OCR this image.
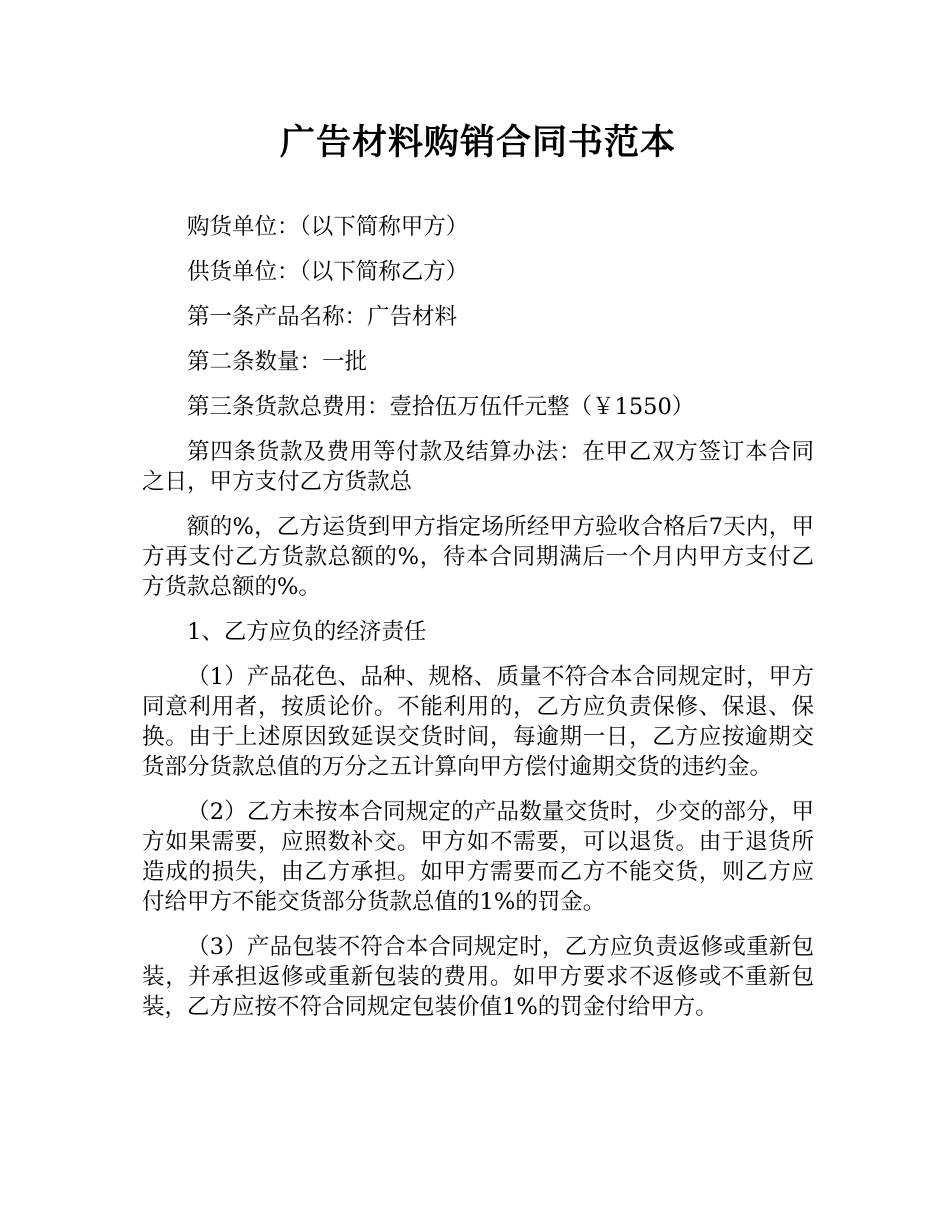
广告材料购销合同书范本

购货单位：（以下简称甲方）

供货单位：（以下简称乙方）

第一条产品名称：广告材料

第二条数量：一批

第三条货款总费用：壹拾伍万伍仟元整（￥1550）

第四条货款及费用等付款及结算办法：在甲乙双方签订本合同之日，甲方支付乙方货款总

额的%，乙方运货到甲方指定场所经甲方验收合格后7天内，甲方再支付乙方货款总额的%，待本合同期满后一个月内甲方支付乙方货款总额的%。

1、乙方应负的经济责任

（1）产品花色、品种、规格、质量不符合本合同规定时，甲方同意利用者，按质论价。不能利用的，乙方应负责保修、保退、保换。由于上述原因致延误交货时间，每逾期一日，乙方应按逾期交货部分货款总值的万分之五计算向甲方偿付逾期交货的违约金。

（2）乙方未按本合同规定的产品数量交货时，少交的部分，甲方如果需要，应照数补交。甲方如不需要，可以退货。由于退货所造成的损失，由乙方承担。如甲方需要而乙方不能交货，则乙方应付给甲方不能交货部分货款总值的1%的罚金。

（3）产品包装不符合本合同规定时，乙方应负责返修或重新包装，并承担返修或重新包装的费用。如甲方要求不返修或不重新包装，乙方应按不符合同规定包装价值1%的罚金付给甲方。
